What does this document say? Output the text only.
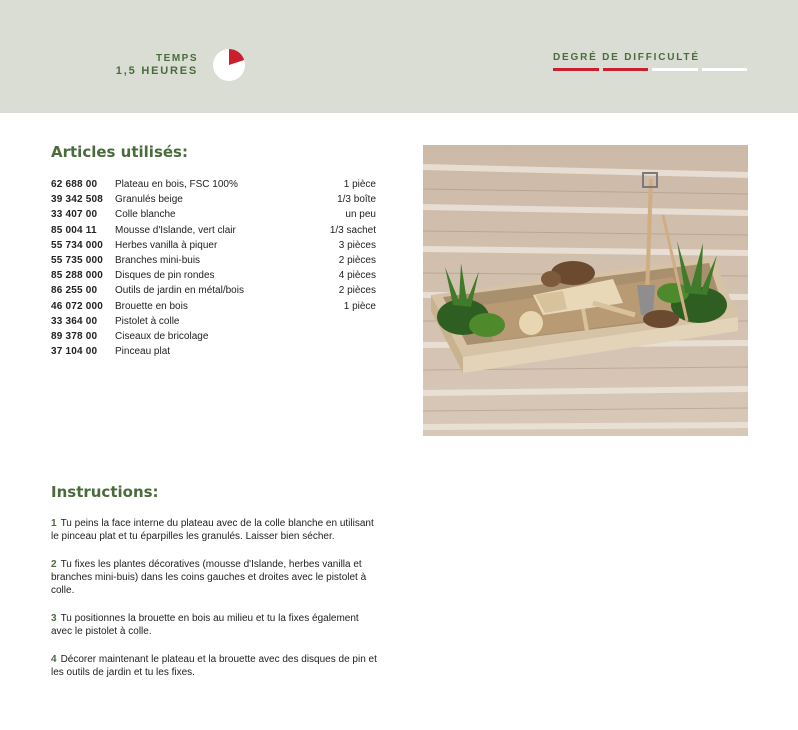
TEMPS
1,5 HEURES
DEGRÉ DE DIFFICULTÉ
Articles utilisés:
62 688 00 Plateau en bois, FSC 100%	1 pièce
39 342 508 Granulés beige	1/3 boîte
33 407 00 Colle blanche	un peu
85 004 11 Mousse d'Islande, vert clair	1/3 sachet
55 734 000 Herbes vanilla à piquer	3 pièces
55 735 000 Branches mini-buis	2 pièces
85 288 000 Disques de pin rondes	4 pièces
86 255 00 Outils de jardin en métal/bois	2 pièces
46 072 000 Brouette en bois	1 pièce
33 364 00 Pistolet à colle
89 378 00 Ciseaux de bricolage
37 104 00 Pinceau plat
Instructions:
1 Tu peins la face interne du plateau avec de la colle blanche en utilisant le pinceau plat et tu éparpilles les granulés. Laisser bien sécher.
2 Tu fixes les plantes décoratives (mousse d'Islande, herbes vanilla et branches mini-buis) dans les coins gauches et droites avec le pistolet à colle.
3 Tu positionnes la brouette en bois au milieu et tu la fixes également avec le pistolet à colle.
4 Décorer maintenant le plateau et la brouette avec des disques de pin et les outils de jardin et tu les fixes.
